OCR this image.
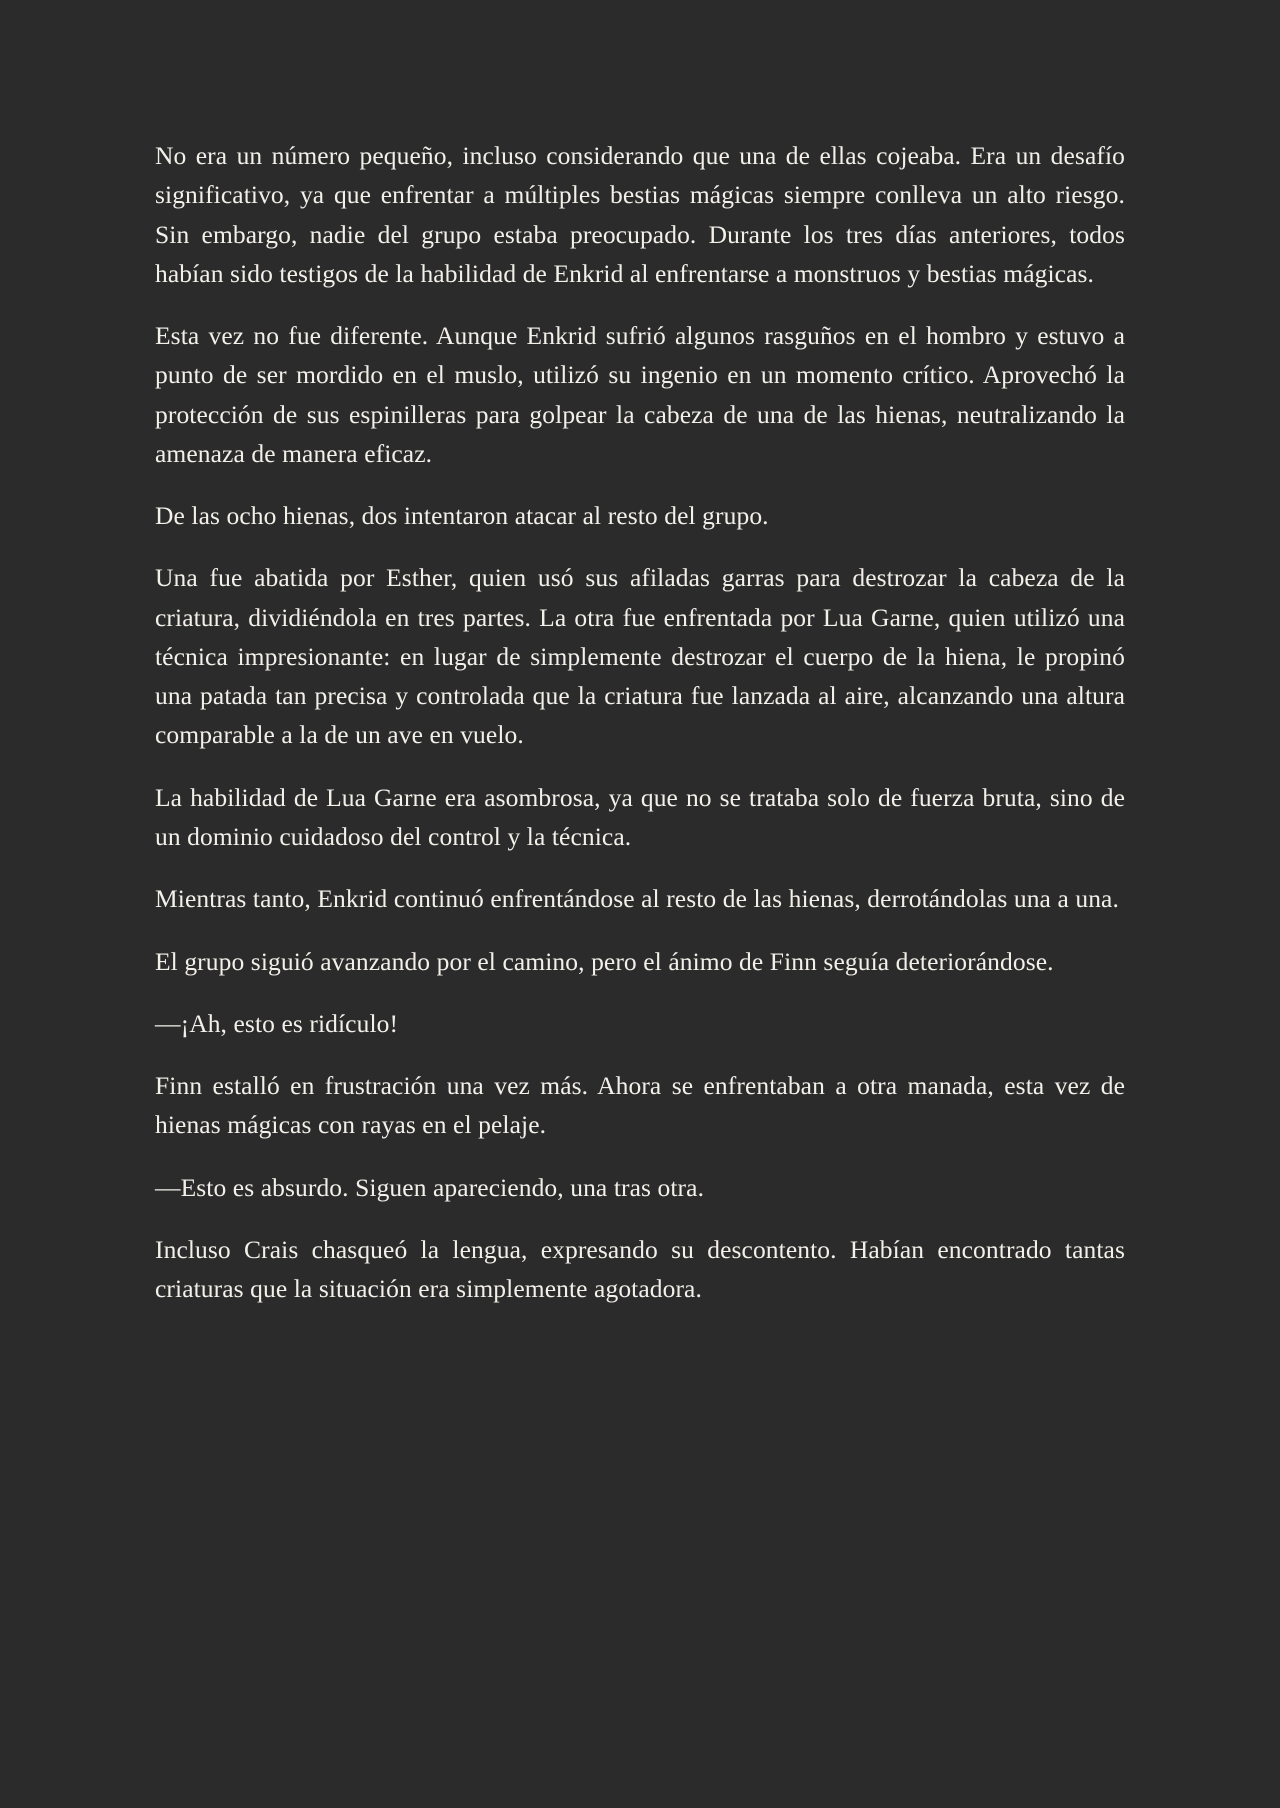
No era un número pequeño, incluso considerando que una de ellas cojeaba. Era un desafío significativo, ya que enfrentar a múltiples bestias mágicas siempre conlleva un alto riesgo. Sin embargo, nadie del grupo estaba preocupado. Durante los tres días anteriores, todos habían sido testigos de la habilidad de Enkrid al enfrentarse a monstruos y bestias mágicas.

Esta vez no fue diferente. Aunque Enkrid sufrió algunos rasguños en el hombro y estuvo a punto de ser mordido en el muslo, utilizó su ingenio en un momento crítico. Aprovechó la protección de sus espinilleras para golpear la cabeza de una de las hienas, neutralizando la amenaza de manera eficaz.

De las ocho hienas, dos intentaron atacar al resto del grupo.

Una fue abatida por Esther, quien usó sus afiladas garras para destrozar la cabeza de la criatura, dividiéndola en tres partes. La otra fue enfrentada por Lua Garne, quien utilizó una técnica impresionante: en lugar de simplemente destrozar el cuerpo de la hiena, le propinó una patada tan precisa y controlada que la criatura fue lanzada al aire, alcanzando una altura comparable a la de un ave en vuelo.

La habilidad de Lua Garne era asombrosa, ya que no se trataba solo de fuerza bruta, sino de un dominio cuidadoso del control y la técnica.

Mientras tanto, Enkrid continuó enfrentándose al resto de las hienas, derrotándolas una a una.

El grupo siguió avanzando por el camino, pero el ánimo de Finn seguía deteriorándose.

—¡Ah, esto es ridículo!

Finn estalló en frustración una vez más. Ahora se enfrentaban a otra manada, esta vez de hienas mágicas con rayas en el pelaje.

—Esto es absurdo. Siguen apareciendo, una tras otra.

Incluso Crais chasqueó la lengua, expresando su descontento. Habían encontrado tantas criaturas que la situación era simplemente agotadora.
